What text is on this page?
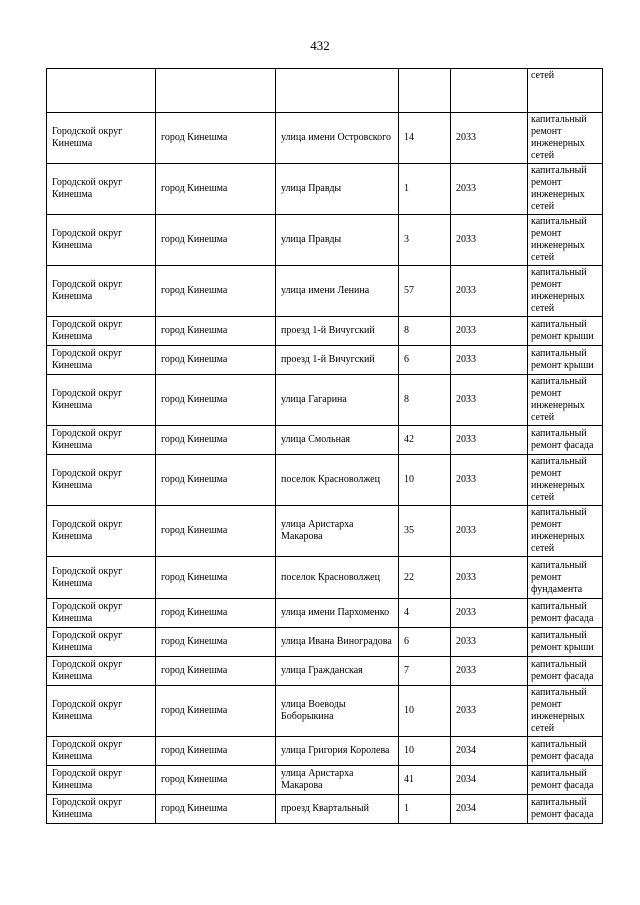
432
					сетей
Городской округ Кинешма	город Кинешма	улица имени Островского	14	2033	капитальный ремонт инженерных сетей
Городской округ Кинешма	город Кинешма	улица Правды	1	2033	капитальный ремонт инженерных сетей
Городской округ Кинешма	город Кинешма	улица Правды	3	2033	капитальный ремонт инженерных сетей
Городской округ Кинешма	город Кинешма	улица имени Ленина	57	2033	капитальный ремонт инженерных сетей
Городской округ Кинешма	город Кинешма	проезд 1-й Вичугский	8	2033	капитальный ремонт крыши
Городской округ Кинешма	город Кинешма	проезд 1-й Вичугский	6	2033	капитальный ремонт крыши
Городской округ Кинешма	город Кинешма	улица Гагарина	8	2033	капитальный ремонт инженерных сетей
Городской округ Кинешма	город Кинешма	улица Смольная	42	2033	капитальный ремонт фасада
Городской округ Кинешма	город Кинешма	поселок Красноволжец	10	2033	капитальный ремонт инженерных сетей
Городской округ Кинешма	город Кинешма	улица Аристарха Макарова	35	2033	капитальный ремонт инженерных сетей
Городской округ Кинешма	город Кинешма	поселок Красноволжец	22	2033	капитальный ремонт фундамента
Городской округ Кинешма	город Кинешма	улица имени Пархоменко	4	2033	капитальный ремонт фасада
Городской округ Кинешма	город Кинешма	улица Ивана Виноградова	6	2033	капитальный ремонт крыши
Городской округ Кинешма	город Кинешма	улица Гражданская	7	2033	капитальный ремонт фасада
Городской округ Кинешма	город Кинешма	улица Воеводы Боборыкина	10	2033	капитальный ремонт инженерных сетей
Городской округ Кинешма	город Кинешма	улица Григория Королева	10	2034	капитальный ремонт фасада
Городской округ Кинешма	город Кинешма	улица Аристарха Макарова	41	2034	капитальный ремонт фасада
Городской округ Кинешма	город Кинешма	проезд Квартальный	1	2034	капитальный ремонт фасада
